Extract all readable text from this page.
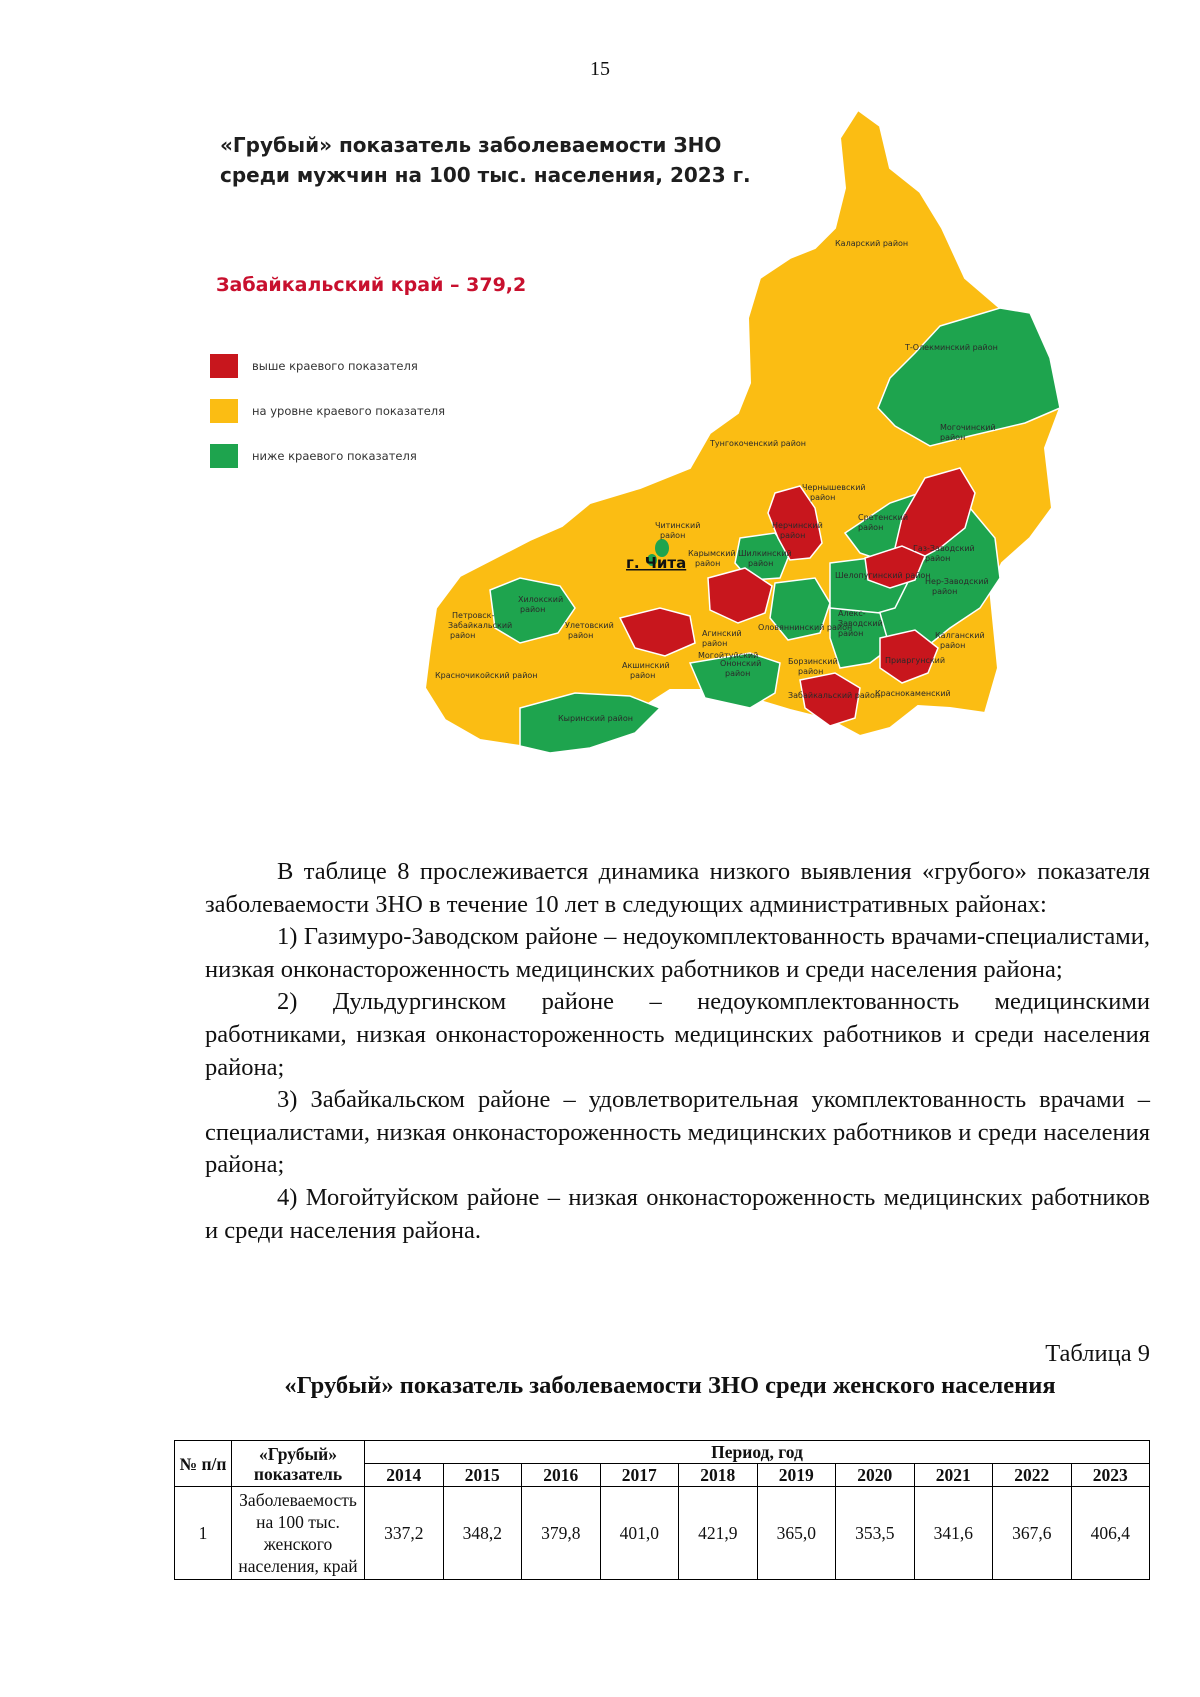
15
Каларский район
Т-Олекминский район
Тунгокоченский район
Могочинский
район
Чернышевский
район
Сретенский
район
Читинский
район
Нерчинский
район
Газ-Заводский
район
Карымский
район
Шилкинский
район
Шелопугинский район
Нер-Заводский
район
Хилокский
район
Петровск-
Забайкальский
район
Улетовский
район	Агинский
район
Оловяннинский район
Алекс-
Заводский
район	Калганский
район
Красночикойский район
Акшинский
район
Могойтуйский
Ононский
район
Борзинский
район
Приаргунский
Кыринский район
Забайкальский район
Краснокаменский
г. Чита
«Грубый» показатель заболеваемости ЗНО среди мужчин на 100 тыс. населения, 2023 г.
Забайкальский край – 379,2
выше краевого показателя
на уровне краевого показателя
ниже краевого показателя

В таблице 8 прослеживается динамика низкого выявления «грубого» показателя заболеваемости ЗНО в течение 10 лет в следующих административных районах:

1) Газимуро-Заводском районе – недоукомплектованность врачами-специалистами, низкая онконастороженность медицинских работников и среди населения района;

2) Дульдургинском районе – недоукомплектованность медицинскими работниками, низкая онконастороженность медицинских работников и среди населения района;

3) Забайкальском районе – удовлетворительная укомплектованность врачами – специалистами, низкая онконастороженность медицинских работников и среди населения района;

4) Могойтуйском районе – низкая онконастороженность медицинских работников и среди населения района.

Таблица 9
«Грубый» показатель заболеваемости ЗНО среди женского населения
№ п/п	«Грубый» показатель	Период, год									
		2014	2015	2016	2017	2018	2019	2020	2021	2022	2023
1	Заболеваемость на 100 тыс. женского населения, край	337,2	348,2	379,8	401,0	421,9	365,0	353,5	341,6	367,6	406,4
